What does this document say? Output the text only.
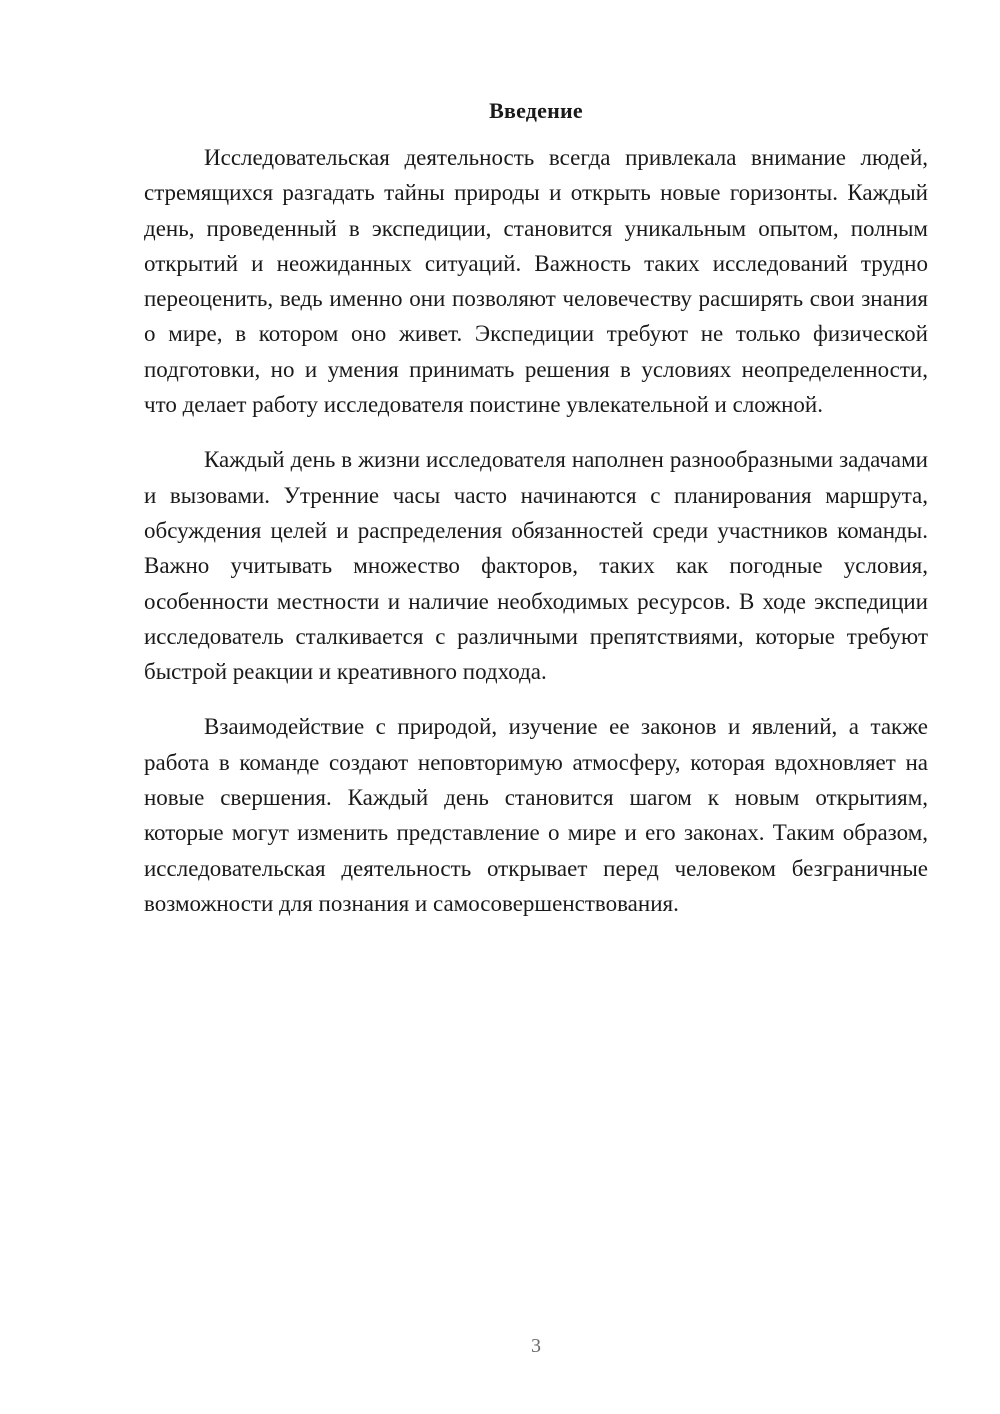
Введение

Исследовательская деятельность всегда привлекала внимание людей, стремящихся разгадать тайны природы и открыть новые горизонты. Каждый день, проведенный в экспедиции, становится уникальным опытом, полным открытий и неожиданных ситуаций. Важность таких исследований трудно переоценить, ведь именно они позволяют человечеству расширять свои знания о мире, в котором оно живет. Экспедиции требуют не только физической подготовки, но и умения принимать решения в условиях неопределенности, что делает работу исследователя поистине увлекательной и сложной.

Каждый день в жизни исследователя наполнен разнообразными задачами и вызовами. Утренние часы часто начинаются с планирования маршрута, обсуждения целей и распределения обязанностей среди участников команды. Важно учитывать множество факторов, таких как погодные условия, особенности местности и наличие необходимых ресурсов. В ходе экспедиции исследователь сталкивается с различными препятствиями, которые требуют быстрой реакции и креативного подхода.

Взаимодействие с природой, изучение ее законов и явлений, а также работа в команде создают неповторимую атмосферу, которая вдохновляет на новые свершения. Каждый день становится шагом к новым открытиям, которые могут изменить представление о мире и его законах. Таким образом, исследовательская деятельность открывает перед человеком безграничные возможности для познания и самосовершенствования.

3
